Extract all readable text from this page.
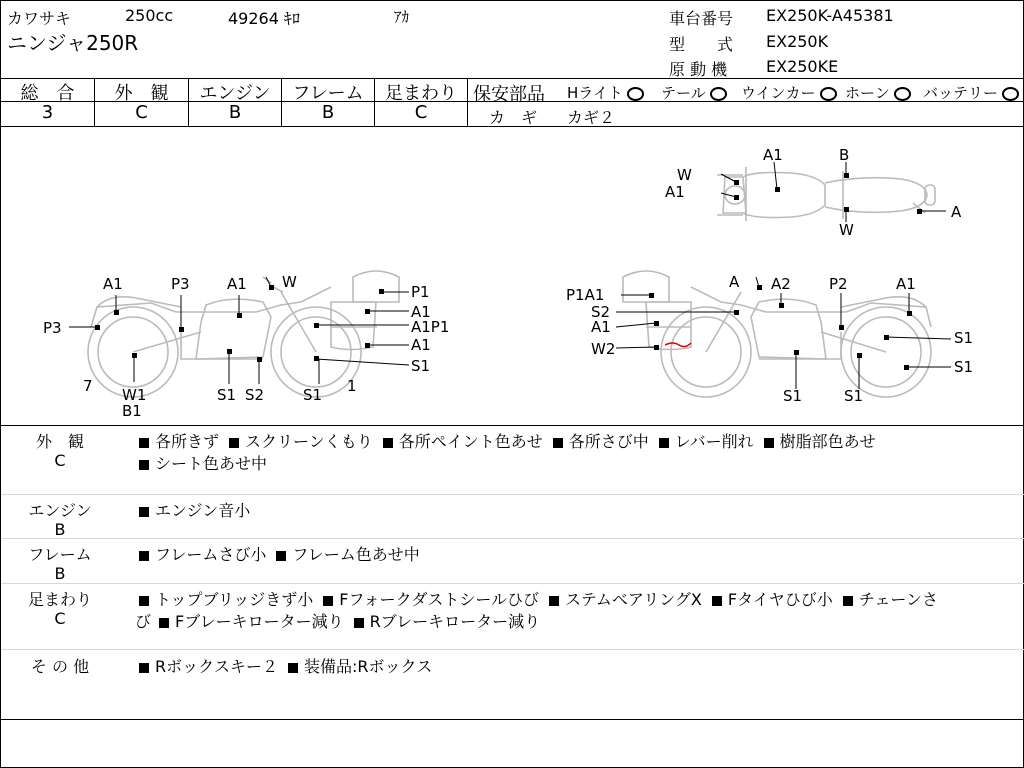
カワサキ	250cc	49264 ｷﾛ	ｱｶ
ニンジャ250R
車台番号 EX250K-A45381
型　　式 EX250K
原 動 機 EX250KE
総　合	外　観	エンジン	フレーム	足まわり
3	C	B	B	C
保安部品 Hライト	テール	ウインカー	ホーン	バッテリー
カ　ギ カギ２
A1	B
W
A1
A
W
A1	P3 A1 W
P1
A1
A1P1
A1
S1
P3
7 W1
B1
S1 S2	S1 1
P1A1
A A2	P2	A1
S2
A1
W2
S1
S1
S1	S1
外　観
C
各所きず スクリーンくもり 各所ペイント色あせ 各所さび中 レバー削れ 樹脂部色あせ
シート色あせ中
エンジン
B
エンジン音小
フレーム
B
フレームさび小 フレーム色あせ中
足まわり
C
トップブリッジきず小 Fフォークダストシールひび ステムベアリングX Fタイヤひび小 チェーンさ
び Fブレーキローター減り Rブレーキローター減り
そ の 他	Rボックスキー２ 装備品:Rボックス
